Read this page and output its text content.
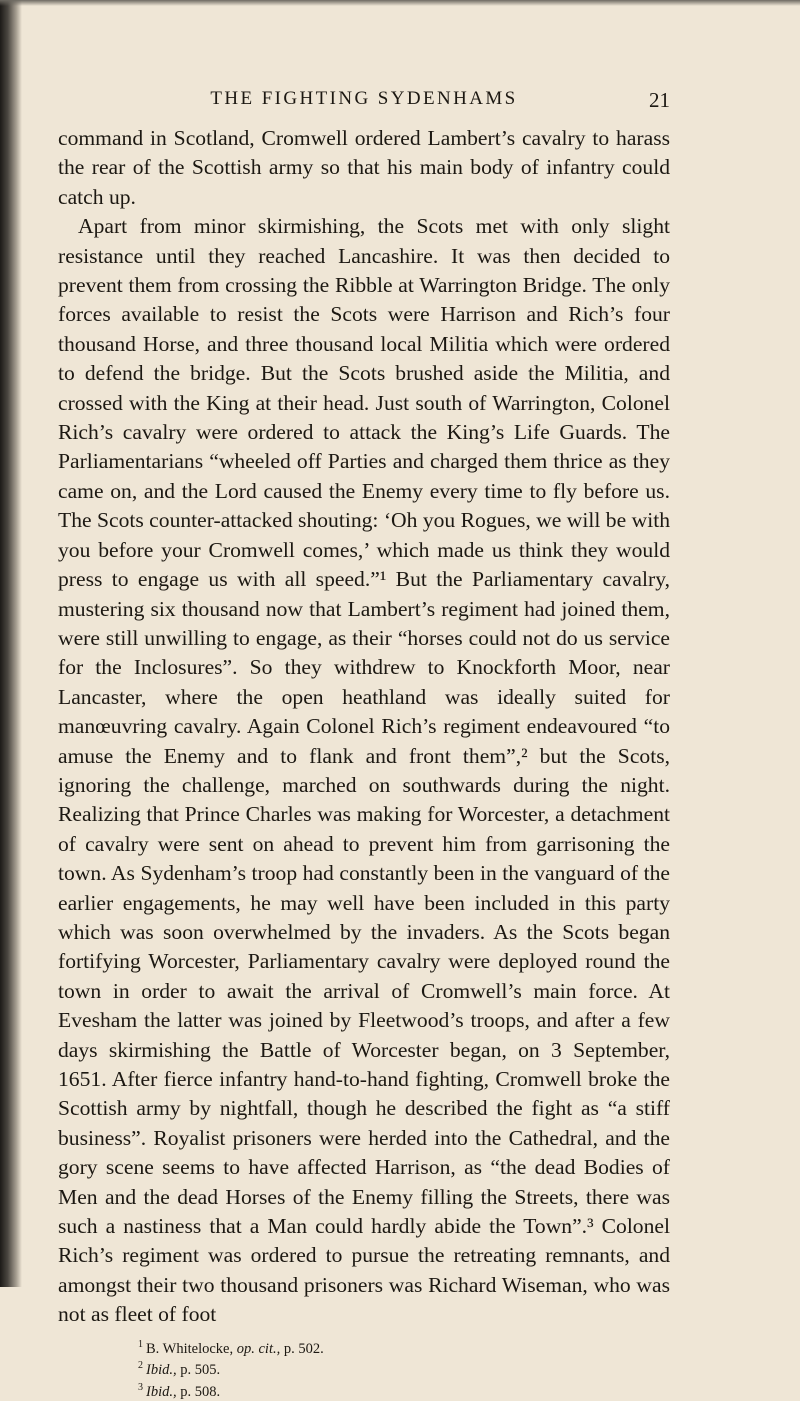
THE FIGHTING SYDENHAMS	21

command in Scotland, Cromwell ordered Lambert’s cavalry to harass the rear of the Scottish army so that his main body of infantry could catch up.

Apart from minor skirmishing, the Scots met with only slight resistance until they reached Lancashire. It was then decided to prevent them from crossing the Ribble at Warrington Bridge. The only forces available to resist the Scots were Harrison and Rich’s four thousand Horse, and three thousand local Militia which were ordered to defend the bridge. But the Scots brushed aside the Militia, and crossed with the King at their head. Just south of Warrington, Colonel Rich’s cavalry were ordered to attack the King’s Life Guards. The Parliamentarians “wheeled off Parties and charged them thrice as they came on, and the Lord caused the Enemy every time to fly before us. The Scots counter-attacked shouting: ‘Oh you Rogues, we will be with you before your Cromwell comes,’ which made us think they would press to engage us with all speed.”¹ But the Parliamentary cavalry, mustering six thousand now that Lambert’s regiment had joined them, were still unwilling to engage, as their “horses could not do us service for the Inclosures”. So they withdrew to Knockforth Moor, near Lancaster, where the open heathland was ideally suited for manœuvring cavalry. Again Colonel Rich’s regiment endeavoured “to amuse the Enemy and to flank and front them”,² but the Scots, ignoring the challenge, marched on southwards during the night. Realizing that Prince Charles was making for Worcester, a detachment of cavalry were sent on ahead to prevent him from garrisoning the town. As Sydenham’s troop had constantly been in the vanguard of the earlier engagements, he may well have been included in this party which was soon overwhelmed by the invaders. As the Scots began fortifying Worcester, Parliamentary cavalry were deployed round the town in order to await the arrival of Cromwell’s main force. At Evesham the latter was joined by Fleetwood’s troops, and after a few days skirmishing the Battle of Worcester began, on 3 September, 1651. After fierce infantry hand-to-hand fighting, Cromwell broke the Scottish army by nightfall, though he described the fight as “a stiff business”. Royalist prisoners were herded into the Cathedral, and the gory scene seems to have affected Harrison, as “the dead Bodies of Men and the dead Horses of the Enemy filling the Streets, there was such a nastiness that a Man could hardly abide the Town”.³ Colonel Rich’s regiment was ordered to pursue the retreating remnants, and amongst their two thousand prisoners was Richard Wiseman, who was not as fleet of foot

$^1$ B. Whitelocke, op. cit., p. 502.
$^2$ Ibid., p. 505.
$^3$ Ibid., p. 508.
